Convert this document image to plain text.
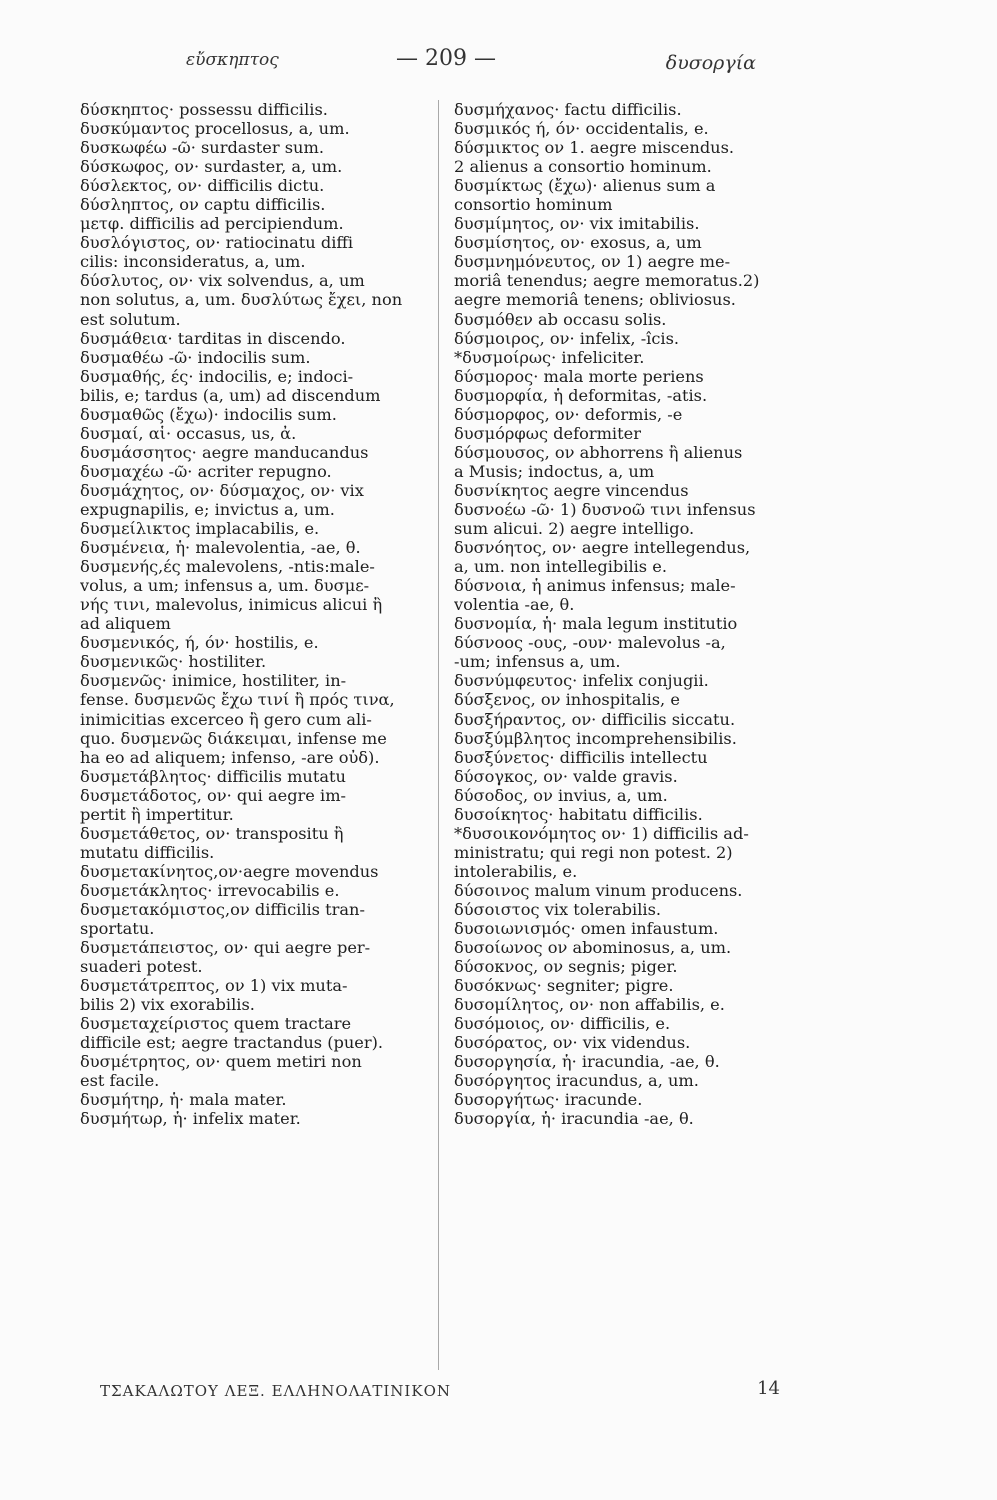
εὔσκηπτος	— 209 —	δυσοργία
δύσκηπτος· possessu difficilis.
δυσκύμαντος procellosus, a, um.
δυσκωφέω -ῶ· surdaster sum.
δύσκωφος, ον· surdaster, a, um.
δύσλεκτος, ον· difficilis dictu.
δύσληπτος, ον captu difficilis.
μετφ. difficilis ad percipiendum.
δυσλόγιστος, ον· ratiocinatu diffi
cilis: inconsideratus, a, um.
δύσλυτος, ον· vix solvendus, a, um
non solutus, a, um. δυσλύτως ἔχει, non
est solutum.
δυσμάθεια· tarditas in discendo.
δυσμαθέω -ῶ· indocilis sum.
δυσμαθής, ές· indocilis, e; indoci-
bilis, e; tardus (a, um) ad discendum
δυσμαθῶς (ἔχω)· indocilis sum.
δυσμαί, αἱ· occasus, us, ἀ.
δυσμάσσητος· aegre manducandus
δυσμαχέω -ῶ· acriter repugno.
δυσμάχητος, ον· δύσμαχος, ον· vix
expugnapilis, e; invictus a, um.
δυσμείλικτος implacabilis, e.
δυσμένεια, ἡ· malevolentia, -ae, θ.
δυσμενής,ές malevolens, -ntis:male-
volus, a um; infensus a, um. δυσμε-
νής τινι, malevolus, inimicus alicui ἢ
ad aliquem
δυσμενικός, ή, όν· hostilis, e.
δυσμενικῶς· hostiliter.
δυσμενῶς· inimice, hostiliter, in-
fense. δυσμενῶς ἔχω τινί ἢ πρός τινα,
inimicitias excerceo ἢ gero cum ali-
quo. δυσμενῶς διάκειμαι, infense me
ha eo ad aliquem; infenso, -are οὐδ).
δυσμετάβλητος· difficilis mutatu
δυσμετάδοτος, ον· qui aegre im-
pertit ἢ impertitur.
δυσμετάθετος, ον· transpositu ἢ
mutatu difficilis.
δυσμετακίνητος,ον·aegre movendus
δυσμετάκλητος· irrevocabilis e.
δυσμετακόμιστος,ον difficilis tran-
sportatu.
δυσμετάπειστος, ον· qui aegre per-
suaderi potest.
δυσμετάτρεπτος, ον 1) vix muta-
bilis 2) vix exorabilis.
δυσμεταχείριστος quem tractare
difficile est; aegre tractandus (puer).
δυσμέτρητος, ον· quem metiri non
est facile.
δυσμήτηρ, ἡ· mala mater.
δυσμήτωρ, ἡ· infelix mater.
δυσμήχανος· factu difficilis.
δυσμικός ή, όν· occidentalis, e.
δύσμικτος ον 1. aegre miscendus.
2 alienus a consortio hominum.
δυσμίκτως (ἔχω)· alienus sum a
consortio hominum
δυσμίμητος, ον· vix imitabilis.
δυσμίσητος, ον· exosus, a, um
δυσμνημόνευτος, ον 1) aegre me-
moriâ tenendus; aegre memoratus.2)
aegre memoriâ tenens; obliviosus.
δυσμόθεν ab occasu solis.
δύσμοιρος, ον· infelix, -îcis.
*δυσμοίρως· infeliciter.
δύσμορος· mala morte periens
δυσμορφία, ἡ deformitas, -atis.
δύσμορφος, ον· deformis, -e
δυσμόρφως deformiter
δύσμουσος, ον abhorrens ἢ alienus
a Musis; indoctus, a, um
δυσνίκητος aegre vincendus
δυσνοέω -ῶ· 1) δυσνοῶ τινι infensus
sum alicui. 2) aegre intelligo.
δυσνόητος, ον· aegre intellegendus,
a, um. non intellegibilis e.
δύσνοια, ἡ animus infensus; male-
volentia -ae, θ.
δυσνομία, ἡ· mala legum institutio
δύσνοος -ους, -ουν· malevolus -a,
-um; infensus a, um.
δυσνύμφευτος· infelix conjugii.
δύσξενος, ον inhospitalis, e
δυσξήραντος, ον· difficilis siccatu.
δυσξύμβλητος incomprehensibilis.
δυσξύνετος· difficilis intellectu
δύσογκος, ον· valde gravis.
δύσοδος, ον invius, a, um.
δυσοίκητος· habitatu difficilis.
*δυσοικονόμητος ον· 1) difficilis ad-
ministratu; qui regi non potest. 2)
intolerabilis, e.
δύσοινος malum vinum producens.
δύσοιστος vix tolerabilis.
δυσοιωνισμός· omen infaustum.
δυσοίωνος ον abominosus, a, um.
δύσοκνος, ον segnis; piger.
δυσόκνως· segniter; pigre.
δυσομίλητος, ον· non affabilis, e.
δυσόμοιος, ον· difficilis, e.
δυσόρατος, ον· vix videndus.
δυσοργησία, ἡ· iracundia, -ae, θ.
δυσόργητος iracundus, a, um.
δυσοργήτως· iracunde.
δυσοργία, ἡ· iracundia -ae, θ.
ΤΣΑΚΑΛΩΤΟΥ ΛΕΞ. ΕΛΛΗΝΟΛΑΤΙΝΙΚΟΝ	14
